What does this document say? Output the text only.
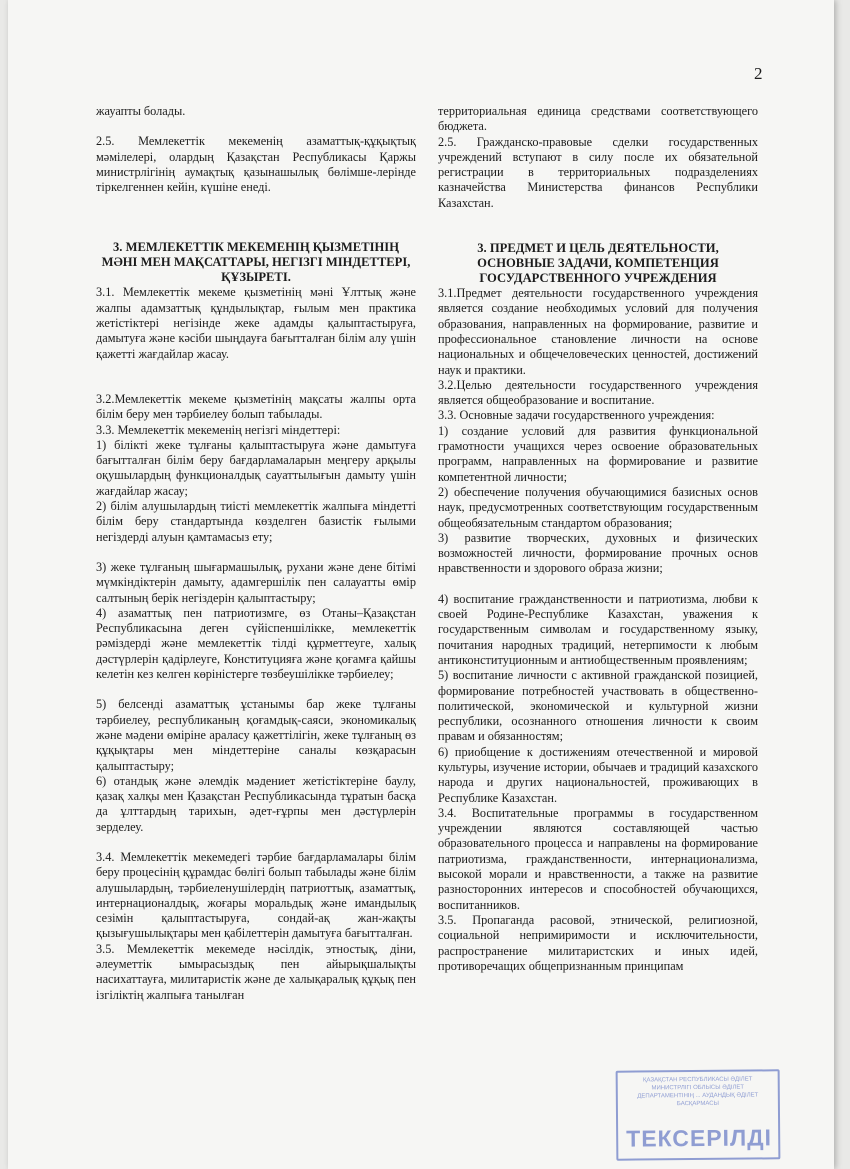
2

жауапты болады.

2.5. Мемлекеттік мекеменің азаматтық-құқықтық мәмілелері, олардың Қазақстан Республикасы Қаржы министрлігінің аумақтық қазынашылық бөлімше-лерінде тіркелгеннен кейін, күшіне енеді.

3. МЕМЛЕКЕТТІК МЕКЕМЕНІҢ ҚЫЗМЕТІНІҢ МӘНІ МЕН МАҚСАТТАРЫ, НЕГІЗГІ МІНДЕТТЕРІ, ҚҰЗЫРЕТІ.

3.1. Мемлекеттік мекеме қызметінің мәні Ұлттық және жалпы адамзаттық құндылықтар, ғылым мен практика жетістіктері негізінде жеке адамды қалыптастыруға, дамытуға және кәсіби шыңдауға бағытталған білім алу үшін қажетті жағдайлар жасау.

3.2.Мемлекеттік мекеме қызметінің мақсаты жалпы орта білім беру мен тәрбиелеу болып табылады.

3.3. Мемлекеттік мекеменің негізгі міндеттері:

1) білікті жеке тұлғаны қалыптастыруға және дамытуға бағытталған білім беру бағдарламаларын меңгеру арқылы оқушылардың функционалдық сауаттылығын дамыту үшін жағдайлар жасау;

2) білім алушылардың тиісті мемлекеттік жалпыға міндетті білім беру стандартында көзделген базистік ғылыми негіздерді алуын қамтамасыз ету;

3) жеке тұлғаның шығармашылық, рухани және дене бітімі мүмкіндіктерін дамыту, адамгершілік пен салауатты өмір салтының берік негіздерін қалыптастыру;

4) азаматтық пен патриотизмге, өз Отаны–Қазақстан Республикасына деген сүйіспеншілікке, мемлекеттік рәміздерді және мемлекеттік тілді құрметтеуге, халық дәстүрлерін қадірлеуге, Конституцияға және қоғамға қайшы келетін кез келген көріністерге төзбеушілікке тәрбиелеу;

5) белсенді азаматтық ұстанымы бар жеке тұлғаны тәрбиелеу, республиканың қоғамдық-саяси, экономикалық және мәдени өміріне араласу қажеттілігін, жеке тұлғаның өз құқықтары мен міндеттеріне саналы көзқарасын қалыптастыру;

6) отандық және әлемдік мәдениет жетістіктеріне баулу, қазақ халқы мен Қазақстан Республикасында тұратын басқа да ұлттардың тарихын, әдет-ғұрпы мен дәстүрлерін зерделеу.

3.4. Мемлекеттік мекемедегі тәрбие бағдарламалары білім беру процесінің құрамдас бөлігі болып табылады және білім алушылардың, тәрбиеленушілердің патриоттық, азаматтық, интернационалдық, жоғары моральдық және имандылық сезімін қалыптастыруға, сондай-ақ жан-жақты қызығушылықтары мен қабілеттерін дамытуға бағытталған.

3.5. Мемлекеттік мекемеде нәсілдік, этностық, діни, әлеуметтік ымырасыздық пен айырықшалықты насихаттауға, милитаристік және де халықаралық құқық пен ізгіліктің жалпыға танылған

территориальная единица средствами соответствующего бюджета.

2.5. Гражданско-правовые сделки государственных учреждений вступают в силу после их обязательной регистрации в территориальных подразделениях казначейства Министерства финансов Республики Казахстан.

3. ПРЕДМЕТ И ЦЕЛЬ ДЕЯТЕЛЬНОСТИ, ОСНОВНЫЕ ЗАДАЧИ, КОМПЕТЕНЦИЯ ГОСУДАРСТВЕННОГО УЧРЕЖДЕНИЯ

3.1.Предмет деятельности государственного учреждения является создание необходимых условий для получения образования, направленных на формирование, развитие и профессиональное становление личности на основе национальных и общечеловеческих ценностей, достижений наук и практики.

3.2.Целью деятельности государственного учреждения является общеобразование и воспитание.

3.3. Основные задачи государственного учреждения:

1) создание условий для развития функциональной грамотности учащихся через освоение образовательных программ, направленных на формирование и развитие компетентной личности;

2) обеспечение получения обучающимися базисных основ наук, предусмотренных соответствующим государственным общеобязательным стандартом образования;

3) развитие творческих, духовных и физических возможностей личности, формирование прочных основ нравственности и здорового образа жизни;

4) воспитание гражданственности и патриотизма, любви к своей Родине-Республике Казахстан, уважения к государственным символам и государственному языку, почитания народных традиций, нетерпимости к любым антиконституционным и антиобщественным проявлениям;

5) воспитание личности с активной гражданской позицией, формирование потребностей участвовать в общественно-политической, экономической и культурной жизни республики, осознанного отношения личности к своим правам и обязанностям;

6) приобщение к достижениям отечественной и мировой культуры, изучение истории, обычаев и традиций казахского народа и других национальностей, проживающих в Республике Казахстан.

3.4. Воспитательные программы в государственном учреждении являются составляющей частью образовательного процесса и направлены на формирование патриотизма, гражданственности, интернационализма, высокой морали и нравственности, а также на развитие разносторонних интересов и способностей обучающихся, воспитанников.

3.5. Пропаганда расовой, этнической, религиозной, социальной непримиримости и исключительности, распространение милитаристских и иных идей, противоречащих общепризнанным принципам

ҚАЗАҚСТАН РЕСПУБЛИКАСЫ ӘДІЛЕТ МИНИСТРЛІГІ ОБЛЫСЫ ӘДІЛЕТ ДЕПАРТАМЕНТІНІҢ ... АУДАНДЫҚ ӘДІЛЕТ БАСҚАРМАСЫ
ТЕКСЕРІЛДІ
